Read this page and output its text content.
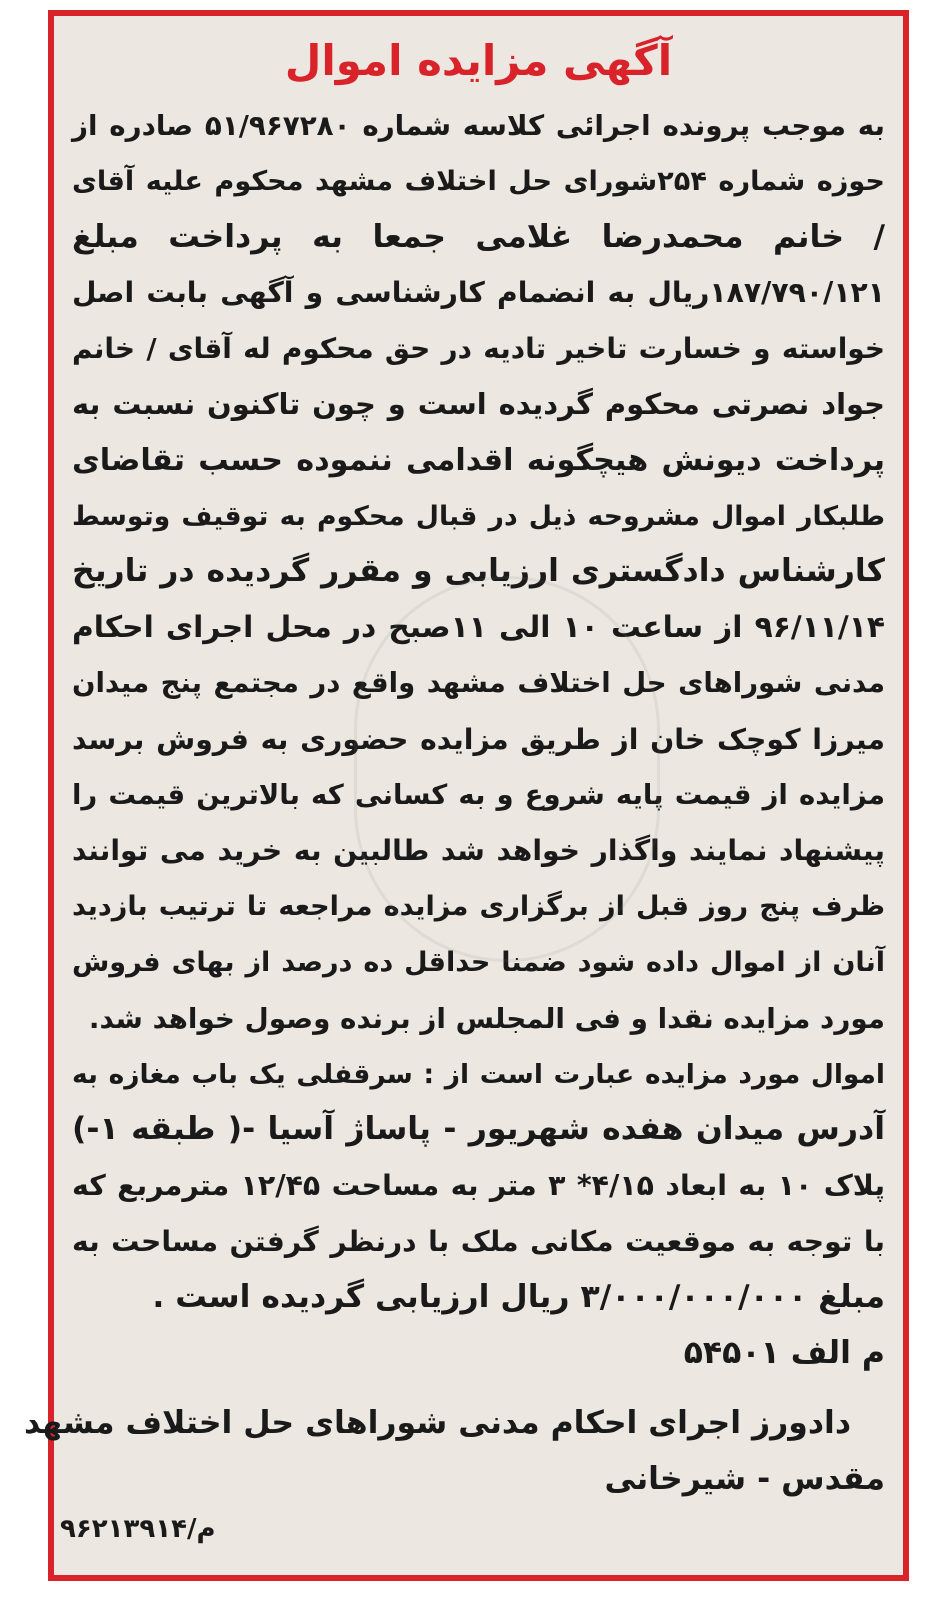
آگهی مزایده اموال
به موجب پرونده اجرائی کلاسه شماره ۵۱/۹۶۷۲۸۰ صادره از
حوزه شماره ۲۵۴شورای حل اختلاف مشهد محکوم علیه آقای
/ خانم محمدرضا غلامی جمعا به پرداخت مبلغ
۱۸۷/۷۹۰/۱۲۱ریال به انضمام کارشناسی و آگهی بابت اصل
خواسته و خسارت تاخیر تادیه در حق محکوم له آقای / خانم
جواد نصرتی محکوم گردیده است و چون تاکنون نسبت به
پرداخت دیونش هیچگونه اقدامی ننموده حسب تقاضای
طلبکار اموال مشروحه ذیل در قبال محکوم به توقیف وتوسط
کارشناس دادگستری ارزیابی و مقرر گردیده در تاریخ
۹۶/۱۱/۱۴ از ساعت ۱۰ الی ۱۱صبح در محل اجرای احکام
مدنی شوراهای حل اختلاف مشهد واقع در مجتمع پنج میدان
میرزا کوچک خان از طریق مزایده حضوری به فروش برسد
مزایده از قیمت پایه شروع و به کسانی که بالاترین قیمت را
پیشنهاد نمایند واگذار خواهد شد طالبین به خرید می توانند
ظرف پنج روز قبل از برگزاری مزایده مراجعه تا ترتیب بازدید
آنان از اموال داده شود ضمنا حداقل ده درصد از بهای فروش
مورد مزایده نقدا و فی المجلس از برنده وصول خواهد شد.
اموال مورد مزایده عبارت است از : سرقفلی یک باب مغازه به
آدرس میدان هفده شهریور - پاساژ آسیا -( طبقه ۱-)
پلاک ۱۰ به ابعاد ۴/۱۵* ۳ متر به مساحت ۱۲/۴۵ مترمربع که
با توجه به موقعیت مکانی ملک با درنظر گرفتن مساحت به
مبلغ ۳/۰۰۰/۰۰۰/۰۰۰ ریال ارزیابی گردیده است .

م الف ۵۴۵۰۱

دادورز اجرای احکام مدنی شوراهای حل اختلاف مشهد
مقدس - شیرخانی
۹۶۲۱۳۹۱۴/م
